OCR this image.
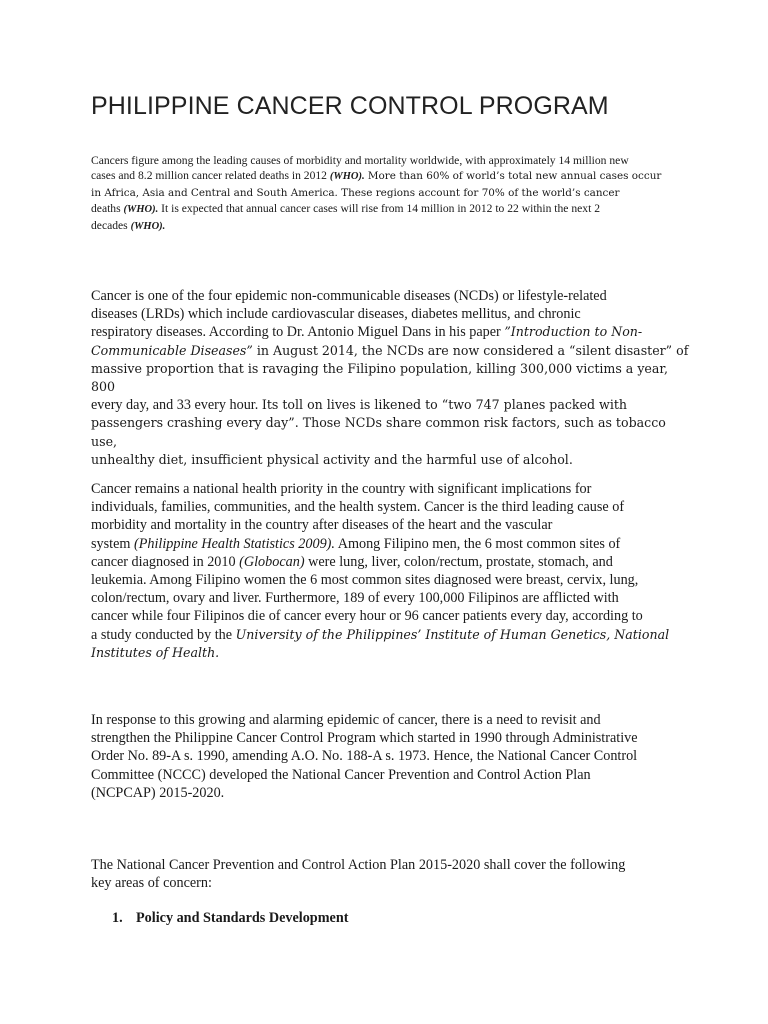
PHILIPPINE CANCER CONTROL PROGRAM

Cancers figure among the leading causes of morbidity and mortality worldwide, with approximately 14 million new
cases and 8.2 million cancer related deaths in 2012 (WHO). More than 60% of world’s total new annual cases occur
in Africa, Asia and Central and South America. These regions account for 70% of the world’s cancer
deaths (WHO). It is expected that annual cancer cases will rise from 14 million in 2012 to 22 within the next 2
decades (WHO).

Cancer is one of the four epidemic non-communicable diseases (NCDs) or lifestyle-related
diseases (LRDs) which include cardiovascular diseases, diabetes mellitus, and chronic
respiratory diseases. According to Dr. Antonio Miguel Dans in his paper ”Introduction to Non-
Communicable Diseases” in August 2014, the NCDs are now considered a “silent disaster” of
massive proportion that is ravaging the Filipino population, killing 300,000 victims a year, 800
every day, and 33 every hour. Its toll on lives is likened to “two 747 planes packed with
passengers crashing every day”. Those NCDs share common risk factors, such as tobacco use,
unhealthy diet, insufficient physical activity and the harmful use of alcohol.

Cancer remains a national health priority in the country with significant implications for
individuals, families, communities, and the health system. Cancer is the third leading cause of
morbidity and mortality in the country after diseases of the heart and the vascular
system (Philippine Health Statistics 2009). Among Filipino men, the 6 most common sites of
cancer diagnosed in 2010 (Globocan) were lung, liver, colon/rectum, prostate, stomach, and
leukemia. Among Filipino women the 6 most common sites diagnosed were breast, cervix, lung,
colon/rectum, ovary and liver. Furthermore, 189 of every 100,000 Filipinos are afflicted with
cancer while four Filipinos die of cancer every hour or 96 cancer patients every day, according to
a study conducted by the University of the Philippines’ Institute of Human Genetics, National
Institutes of Health.

In response to this growing and alarming epidemic of cancer, there is a need to revisit and
strengthen the Philippine Cancer Control Program which started in 1990 through Administrative
Order No. 89-A s. 1990, amending A.O. No. 188-A s. 1973. Hence, the National Cancer Control
Committee (NCCC) developed the National Cancer Prevention and Control Action Plan
(NCPCAP) 2015-2020.

The National Cancer Prevention and Control Action Plan 2015-2020 shall cover the following
key areas of concern:

1. Policy and Standards Development
